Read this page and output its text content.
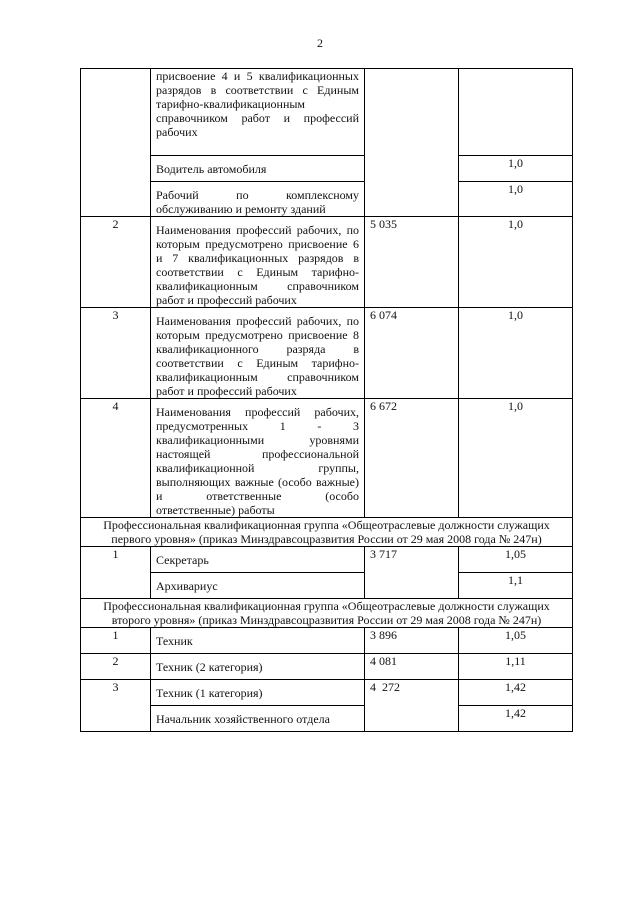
2
	присвоение 4 и 5 квалификационных разрядов в соответствии с Единым тарифно-квалификационным справочником работ и профессий рабочих		
	Водитель автомобиля		1,0
	Рабочий по комплексному обслуживанию и ремонту зданий		1,0
2	Наименования профессий рабочих, по которым предусмотрено присвоение 6 и 7 квалификационных разрядов в соответствии с Единым тарифно-квалификационным справочником работ и профессий рабочих	5 035	1,0
3	Наименования профессий рабочих, по которым предусмотрено присвоение 8 квалификационного разряда в соответствии с Единым тарифно-квалификационным справочником работ и профессий рабочих	6 074	1,0
4	Наименования профессий рабочих, предусмотренных 1 - 3 квалификационными уровнями настоящей профессиональной квалификационной группы, выполняющих важные (особо важные) и ответственные (особо ответственные) работы	6 672	1,0
Профессиональная квалификационная группа «Общеотраслевые должности служащих первого уровня» (приказ Минздравсоцразвития России от 29 мая 2008 года № 247н)			
1	Секретарь	3 717	1,05
	Архивариус		1,1
Профессиональная квалификационная группа «Общеотраслевые должности служащих второго уровня» (приказ Минздравсоцразвития России от 29 мая 2008 года № 247н)			
1	Техник	3 896	1,05
2	Техник (2 категория)	4 081	1,11
3	Техник (1 категория)	4  272	1,42
	Начальник хозяйственного отдела		1,42
